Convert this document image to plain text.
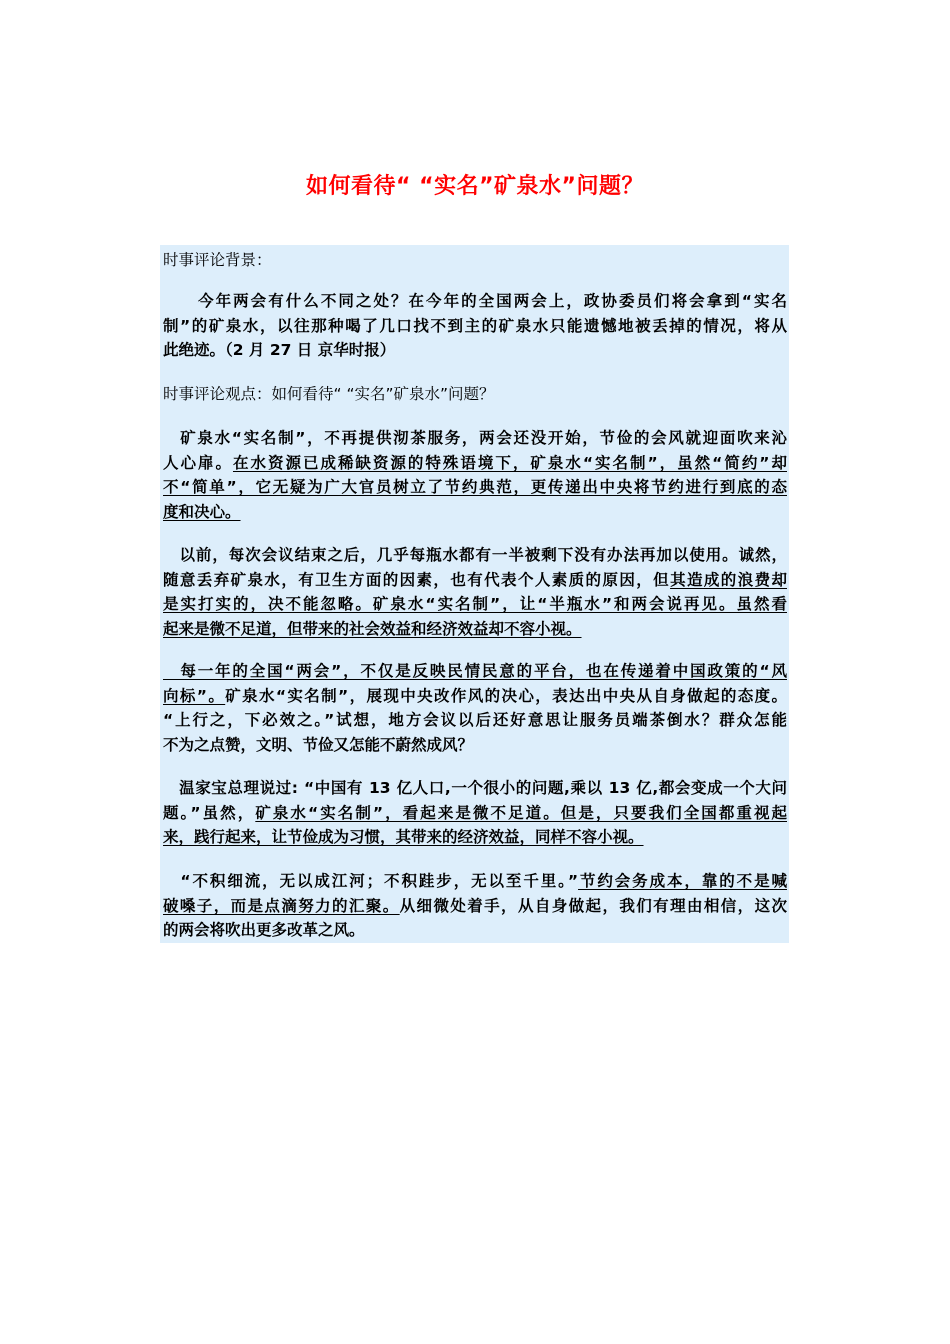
如何看待“ “实名”矿泉水”问题？
时事评论背景：
　　今年两会有什么不同之处？在今年的全国两会上，政协委员们将会拿到“实名
制”的矿泉水，以往那种喝了几口找不到主的矿泉水只能遗憾地被丢掉的情况，将从
此绝迹。（2 月 27 日 京华时报）
时事评论观点：如何看待“ “实名”矿泉水”问题？
　矿泉水“实名制”，不再提供沏茶服务，两会还没开始，节俭的会风就迎面吹来沁
人心扉。在水资源已成稀缺资源的特殊语境下，矿泉水“实名制”，虽然“简约”却
不“简单”，它无疑为广大官员树立了节约典范，更传递出中央将节约进行到底的态
度和决心。
　以前，每次会议结束之后，几乎每瓶水都有一半被剩下没有办法再加以使用。诚然，
随意丢弃矿泉水，有卫生方面的因素，也有代表个人素质的原因，但其造成的浪费却
是实打实的，决不能忽略。矿泉水“实名制”，让“半瓶水”和两会说再见。虽然看
起来是微不足道，但带来的社会效益和经济效益却不容小视。
　每一年的全国“两会”，不仅是反映民情民意的平台，也在传递着中国政策的“风
向标”。矿泉水“实名制”，展现中央改作风的决心，表达出中央从自身做起的态度。
“上行之，下必效之。”试想，地方会议以后还好意思让服务员端茶倒水？群众怎能
不为之点赞，文明、节俭又怎能不蔚然成风？
　温家宝总理说过: “中国有 13 亿人口,一个很小的问题,乘以 13 亿,都会变成一个大问
题。”虽然，矿泉水“实名制”，看起来是微不足道。但是，只要我们全国都重视起
来，践行起来，让节俭成为习惯，其带来的经济效益，同样不容小视。
　“不积细流，无以成江河；不积跬步，无以至千里。”节约会务成本，靠的不是喊
破嗓子，而是点滴努力的汇聚。从细微处着手，从自身做起，我们有理由相信，这次
的两会将吹出更多改革之风。
